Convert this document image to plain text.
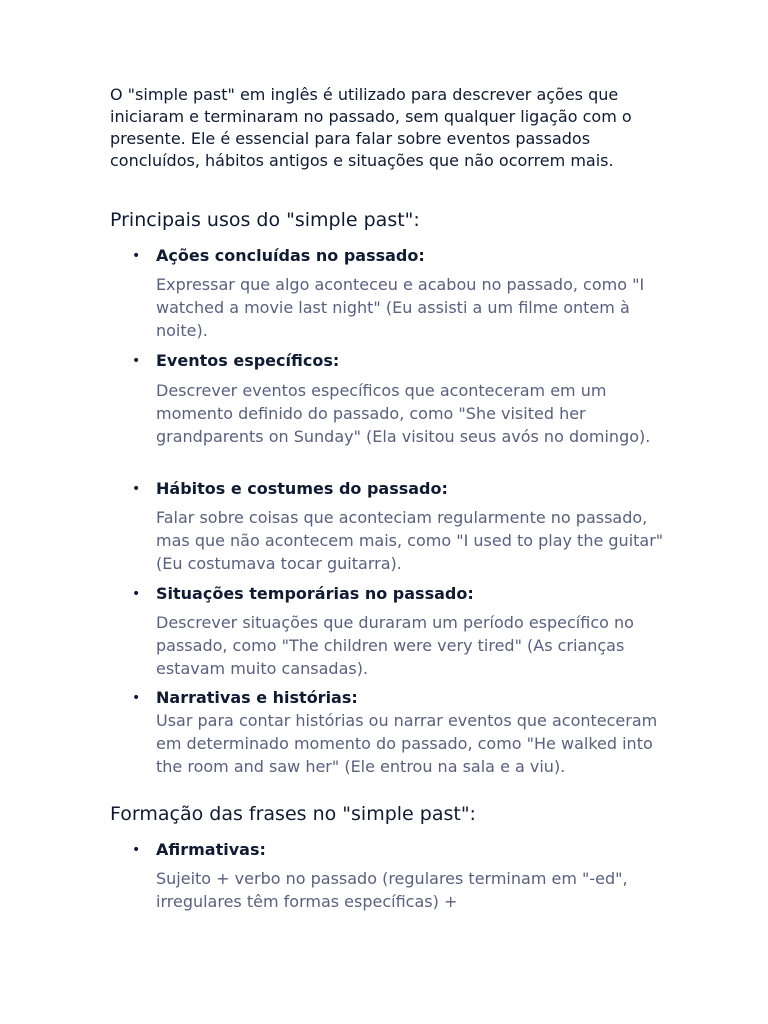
O "simple past" em inglês é utilizado para descrever ações que iniciaram e terminaram no passado, sem qualquer ligação com o presente. Ele é essencial para falar sobre eventos passados concluídos, hábitos antigos e situações que não ocorrem mais.

Principais usos do "simple past":
• Ações concluídas no passado:
Expressar que algo aconteceu e acabou no passado, como "I watched a movie last night" (Eu assisti a um filme ontem à noite).
• Eventos específicos:
Descrever eventos específicos que aconteceram em um momento definido do passado, como "She visited her grandparents on Sunday" (Ela visitou seus avós no domingo).
• Hábitos e costumes do passado:
Falar sobre coisas que aconteciam regularmente no passado, mas que não acontecem mais, como "I used to play the guitar" (Eu costumava tocar guitarra).
• Situações temporárias no passado:
Descrever situações que duraram um período específico no passado, como "The children were very tired" (As crianças estavam muito cansadas).
• Narrativas e histórias:
Usar para contar histórias ou narrar eventos que aconteceram em determinado momento do passado, como "He walked into the room and saw her" (Ele entrou na sala e a viu).
Formação das frases no "simple past":
• Afirmativas:
Sujeito + verbo no passado (regulares terminam em "-ed", irregulares têm formas específicas) +
